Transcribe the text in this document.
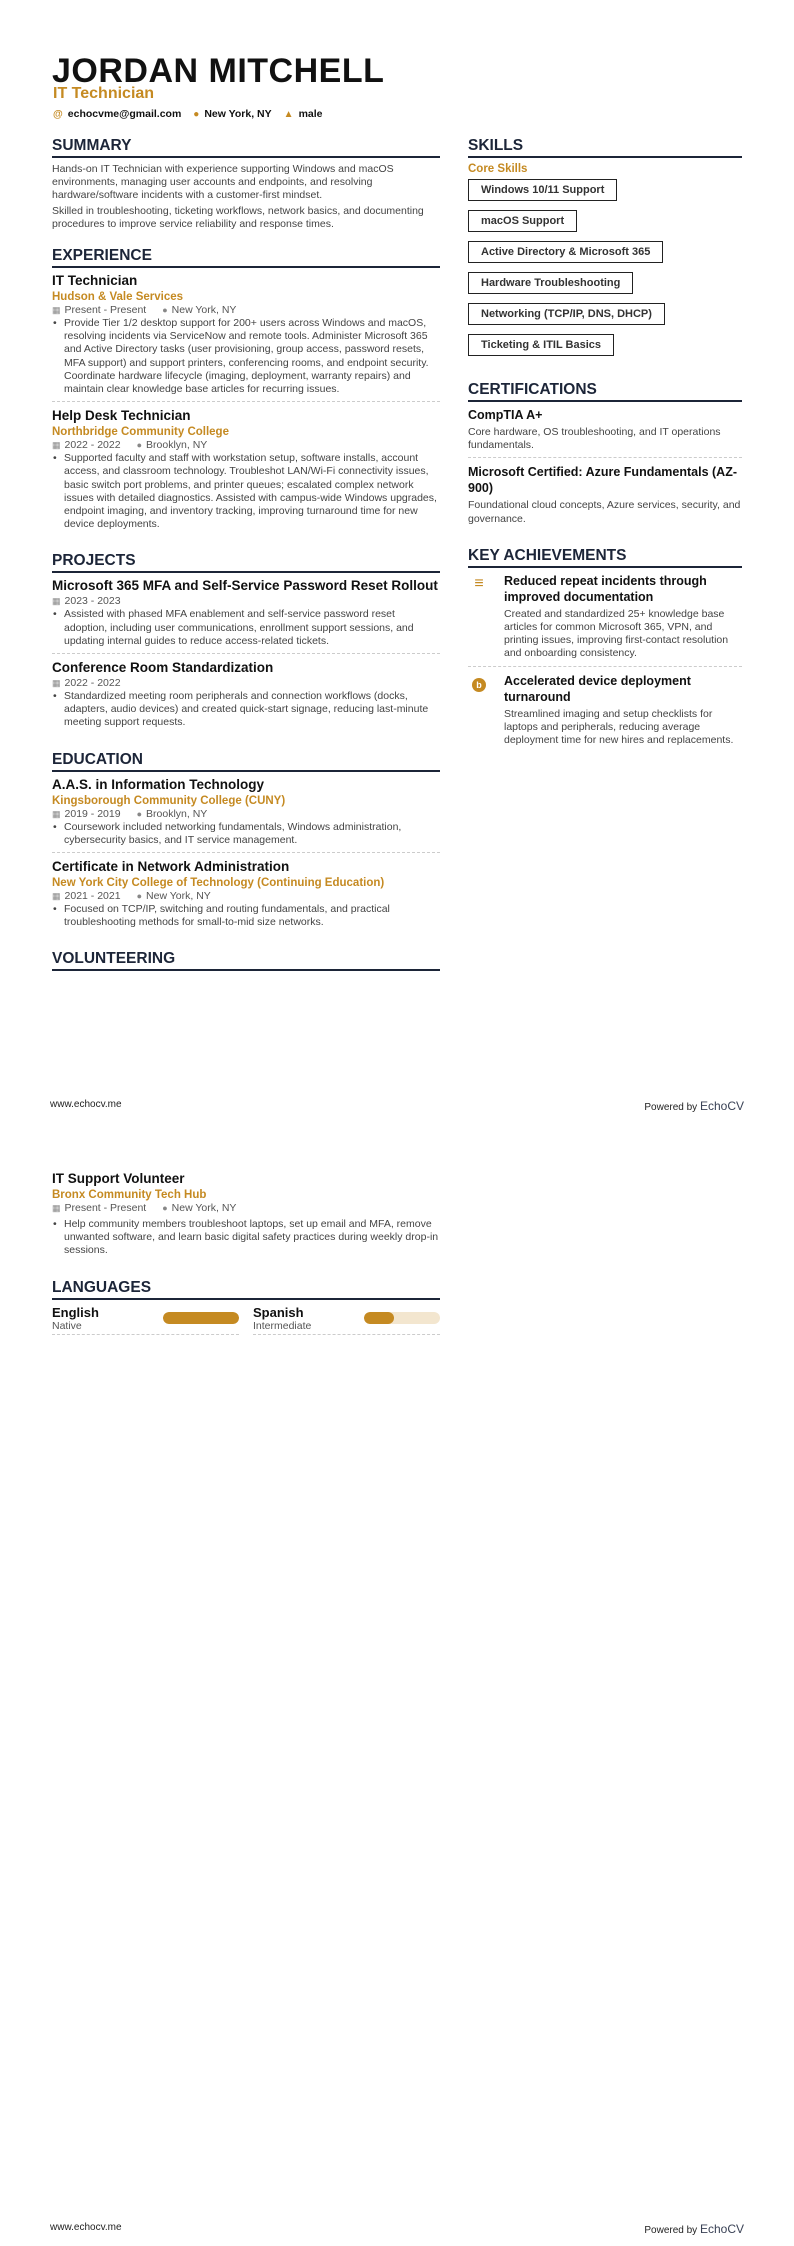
JORDAN MITCHELL
IT Technician
@ echocvme@gmail.com ● New York, NY ▲ male
SUMMARY

Hands-on IT Technician with experience supporting Windows and macOS environments, managing user accounts and endpoints, and resolving hardware/software incidents with a customer-first mindset.

Skilled in troubleshooting, ticketing workflows, network basics, and documenting procedures to improve service reliability and response times.

EXPERIENCE
IT Technician
Hudson & Vale Services
▦ Present - Present ● New York, NY
• Provide Tier 1/2 desktop support for 200+ users across Windows and macOS, resolving incidents via ServiceNow and remote tools. Administer Microsoft 365 and Active Directory tasks (user provisioning, group access, password resets, MFA support) and support printers, conferencing rooms, and endpoint security. Coordinate hardware lifecycle (imaging, deployment, warranty repairs) and maintain clear knowledge base articles for recurring issues.
Help Desk Technician
Northbridge Community College
▦ 2022 - 2022 ● Brooklyn, NY
• Supported faculty and staff with workstation setup, software installs, account access, and classroom technology. Troubleshot LAN/Wi-Fi connectivity issues, basic switch port problems, and printer queues; escalated complex network issues with detailed diagnostics. Assisted with campus-wide Windows upgrades, endpoint imaging, and inventory tracking, improving turnaround time for new device deployments.
PROJECTS
Microsoft 365 MFA and Self-Service Password Reset Rollout
▦ 2023 - 2023
• Assisted with phased MFA enablement and self-service password reset adoption, including user communications, enrollment support sessions, and updating internal guides to reduce access-related tickets.
Conference Room Standardization
▦ 2022 - 2022
• Standardized meeting room peripherals and connection workflows (docks, adapters, audio devices) and created quick-start signage, reducing last-minute meeting support requests.
EDUCATION
A.A.S. in Information Technology
Kingsborough Community College (CUNY)
▦ 2019 - 2019 ● Brooklyn, NY
• Coursework included networking fundamentals, Windows administration, cybersecurity basics, and IT service management.
Certificate in Network Administration
New York City College of Technology (Continuing Education)
▦ 2021 - 2021 ● New York, NY
• Focused on TCP/IP, switching and routing fundamentals, and practical troubleshooting methods for small-to-mid size networks.
VOLUNTEERING
SKILLS
Core Skills
Windows 10/11 Support
macOS Support
Active Directory & Microsoft 365
Hardware Troubleshooting
Networking (TCP/IP, DNS, DHCP)
Ticketing & ITIL Basics
CERTIFICATIONS
CompTIA A+
Core hardware, OS troubleshooting, and IT operations fundamentals.
Microsoft Certified: Azure Fundamentals (AZ-900)
Foundational cloud concepts, Azure services, security, and governance.
KEY ACHIEVEMENTS
≡	Reduced repeat incidents through improved documentation
Created and standardized 25+ knowledge base articles for common Microsoft 365, VPN, and printing issues, improving first-contact resolution and onboarding consistency.
b	Accelerated device deployment turnaround
Streamlined imaging and setup checklists for laptops and peripherals, reducing average deployment time for new hires and replacements.
www.echocv.me	Powered by EchoCV
IT Support Volunteer
Bronx Community Tech Hub
▦ Present - Present ● New York, NY
• Help community members troubleshoot laptops, set up email and MFA, remove unwanted software, and learn basic digital safety practices during weekly drop-in sessions.
LANGUAGES
English
Native
Spanish
Intermediate
www.echocv.me	Powered by EchoCV
